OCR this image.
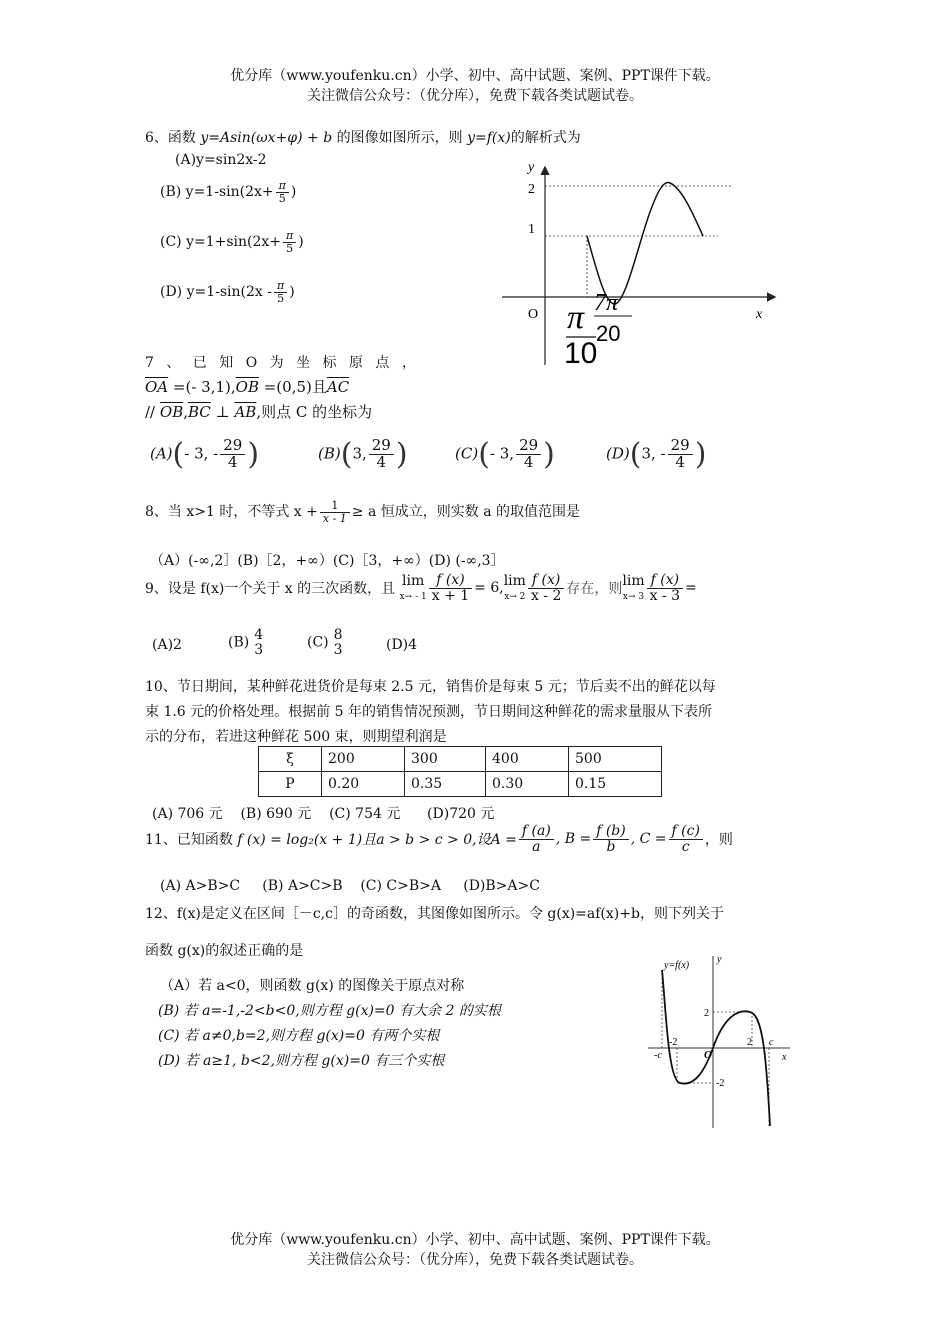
优分库（www.youfenku.cn）小学、初中、高中试题、案例、PPT课件下载。
关注微信公众号：（优分库），免费下载各类试题试卷。
6、函数 y=Asin(ωx+φ) + b 的图像如图所示，则 y=f(x)的解析式为
(A)y=sin2x-2
(B) $y=1-\sin(2x+ \frac{\pi}{5}$ )
(C) $y=1+\sin(2x+ \frac{\pi}{5}$ )
(D) $y=1-\sin(2x - \frac{\pi}{5}$ )
y
2
1
O	x
π
10
7π
20
7 、 已 知 O 为 坐 标 原 点 ，
$\overline{OA}$ =(- $3,1),\overline{OB} =(0,5)$且$\overline{AC}$
// $\overline{OB},\overline{BC}$ ⊥ $\overline{AB}$,则点 C 的坐标为
(A)(- 3, - $\frac{29}{4}$ )	(B)(3, $\frac{29}{4}$ )	(C)(- 3, $\frac{29}{4}$ )	(D)(3, - $\frac{29}{4}$ )
8、当 x>1 时，不等式 $x + \frac{1}{x - 1} \ge a$ 恒成立，则实数 a 的取值范围是
（A）(-∞,2］(B)［2，+∞）(C)［3，+∞）(D) (-∞,3］
9、设是 f(x)一个关于 x 的三次函数，且 lim
$x\to - 1 \frac{f (x)}{x + 1} = 6,\lim$
$x\to 2 \frac{f (x)}{x - 2}$ 存在，则lim
$x\to 3 \frac{f (x)}{x - 3}$ =
(A)2	(B) 4
3	(C) 8
3	(D)4
10、节日期间，某种鲜花进货价是每束 2.5 元，销售价是每束 5 元；节后卖不出的鲜花以每
束 1.6 元的价格处理。根据前 5 年的销售情况预测，节日期间这种鲜花的需求量服从下表所
示的分布，若进这种鲜花 500 束，则期望利润是
ξ	200	300	400	500
P	0.20	0.35	0.30	0.15
(A) 706 元    (B) 690 元    (C) 754 元      (D)720 元
11、已知函数 f (x) = log₂(x + 1)且a > b > c > 0,设$A = \frac{f (a)}{a}$ , $B = \frac{f (b)}{b}$ , $C = \frac{f (c)}{c}$ ，则
(A) A>B>C     (B) A>C>B    (C) C>B>A     (D)B>A>C
12、f(x)是定义在区间［－c,c］的奇函数，其图像如图所示。令 g(x)=af(x)+b，则下列关于
函数 g(x)的叙述正确的是
（A）若 a<0，则函数 g(x) 的图像关于原点对称
(B) 若 a=-1,-2<b<0,则方程 g(x)=0 有大余 2 的实根
(C) 若 a≠0,b=2,则方程 g(x)=0 有两个实根
(D) 若 a≥1, b<2,则方程 g(x)=0 有三个实根
y=f(x)
y
x
O
2
-2
-2	2
-c
c
优分库（www.youfenku.cn）小学、初中、高中试题、案例、PPT课件下载。
关注微信公众号：（优分库），免费下载各类试题试卷。
